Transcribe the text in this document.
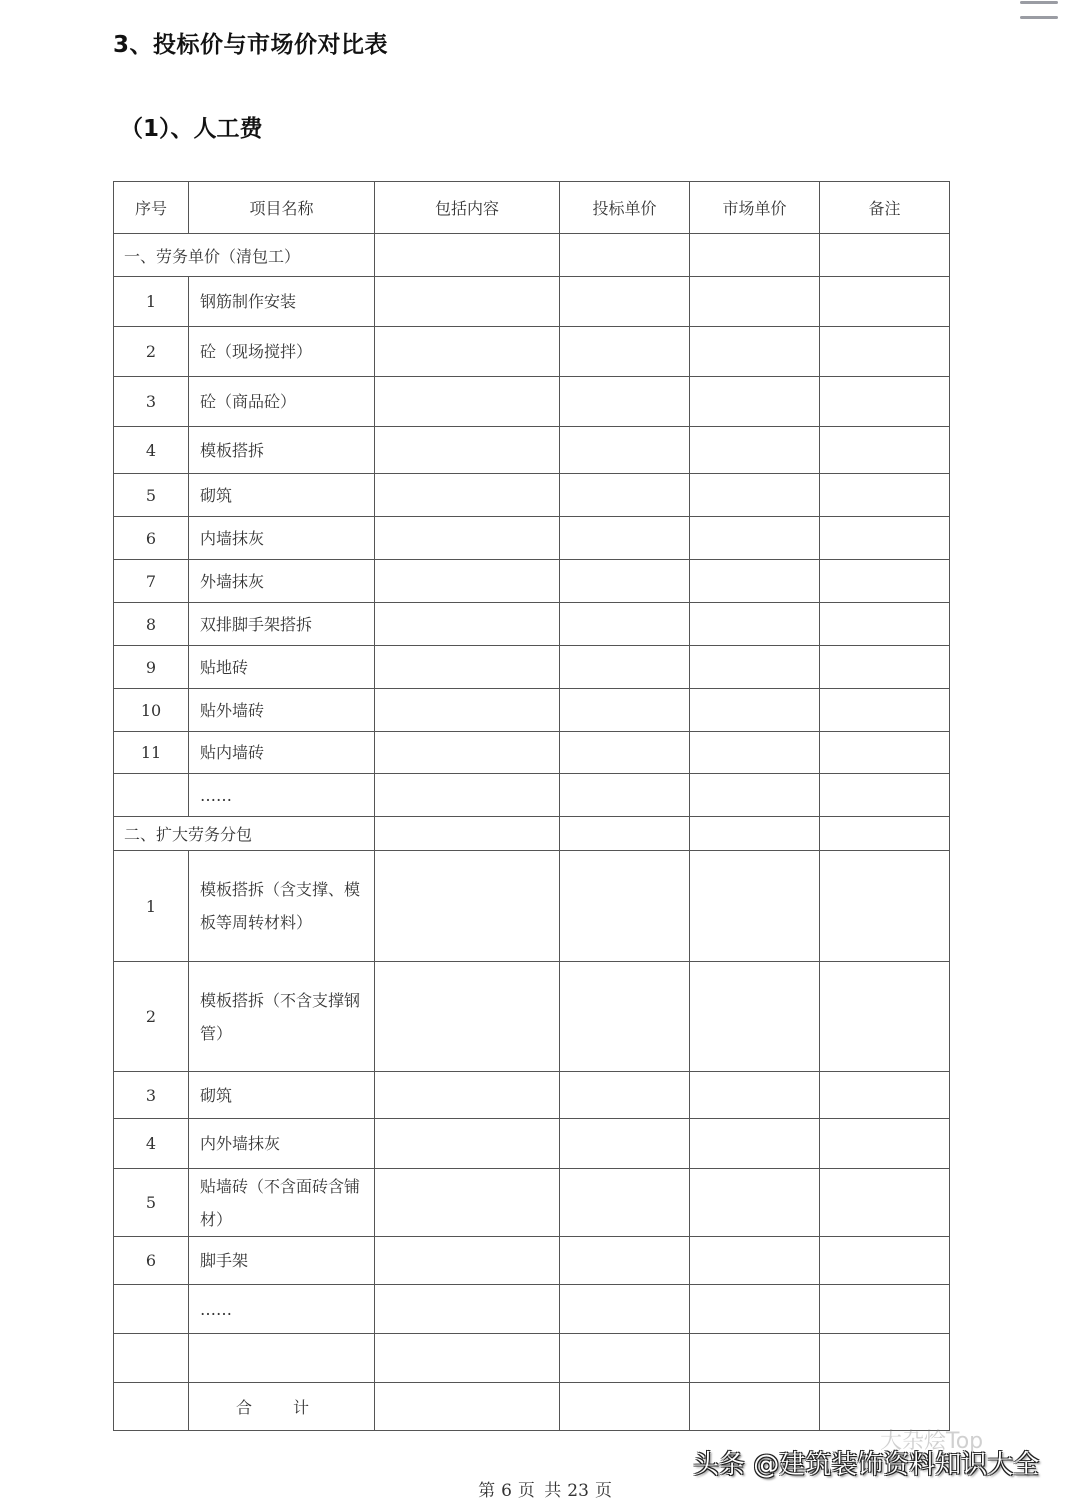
3、投标价与市场价对比表
（1）、人工费
序号	项目名称	包括内容	投标单价	市场单价	备注
一、劳务单价（清包工）					
1	钢筋制作安装				
2	砼（现场搅拌）				
3	砼（商品砼）				
4	模板搭拆				
5	砌筑				
6	内墙抹灰				
7	外墙抹灰				
8	双排脚手架搭拆				
9	贴地砖				
10	贴外墙砖				
11	贴内墙砖				
	……				
二、扩大劳务分包					
1	模板搭拆（含支撑、模板等周转材料）				
2	模板搭拆（不含支撑钢管）				
3	砌筑				
4	内外墙抹灰				
5	贴墙砖（不含面砖含铺材）				
6	脚手架				
	……				

	合 计				
大杂烩Top
头条 @建筑装饰资料知识大全
第 6 页 共 23 页
